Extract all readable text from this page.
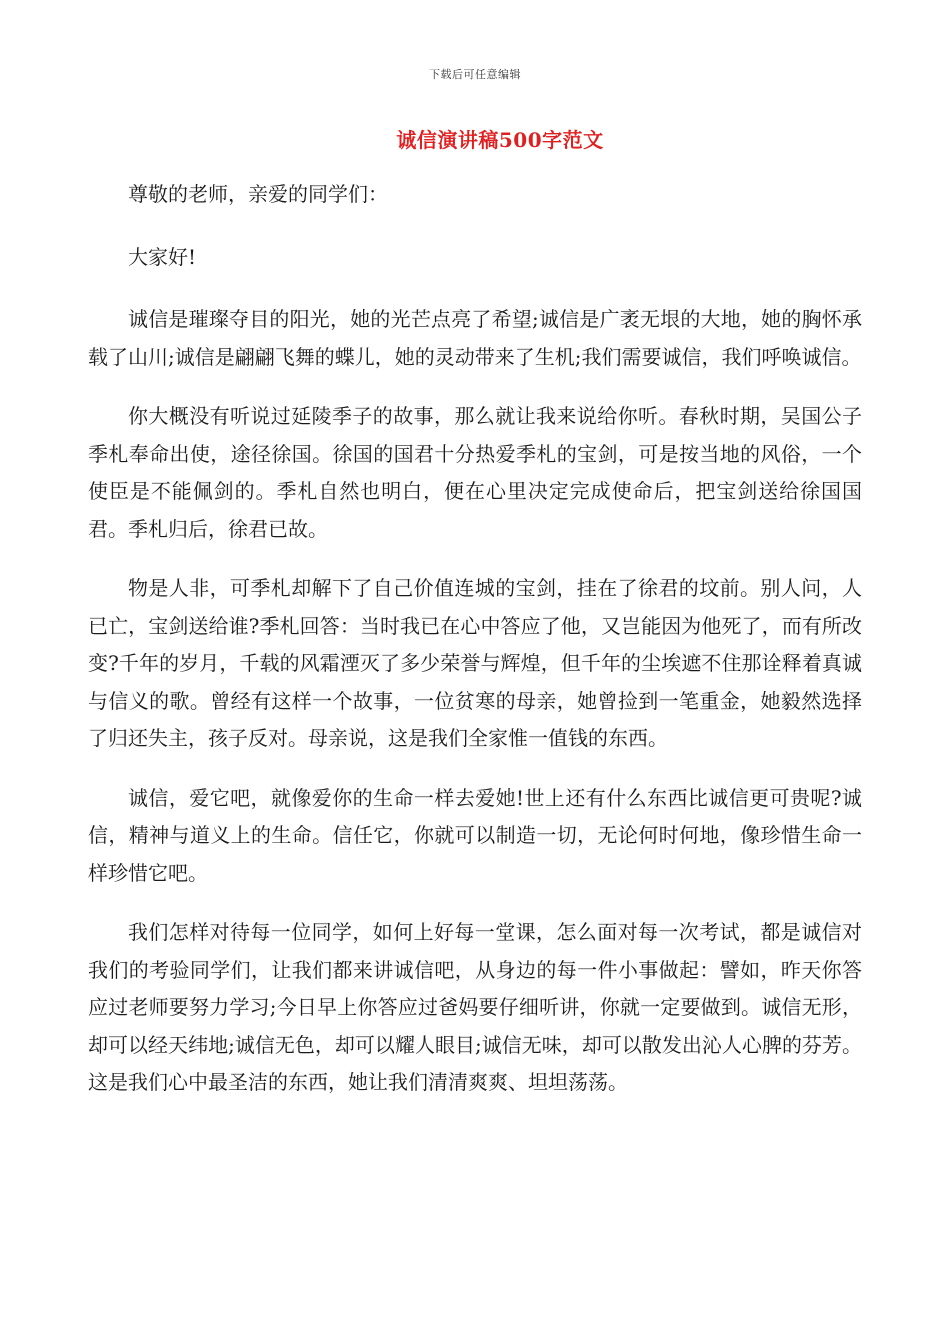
下载后可任意编辑
诚信演讲稿500字范文

尊敬的老师，亲爱的同学们：

大家好!

诚信是璀璨夺目的阳光，她的光芒点亮了希望;诚信是广袤无垠的大地，她的胸怀承载了山川;诚信是翩翩飞舞的蝶儿，她的灵动带来了生机;我们需要诚信，我们呼唤诚信。

你大概没有听说过延陵季子的故事，那么就让我来说给你听。春秋时期，吴国公子季札奉命出使，途径徐国。徐国的国君十分热爱季札的宝剑，可是按当地的风俗，一个使臣是不能佩剑的。季札自然也明白，便在心里决定完成使命后，把宝剑送给徐国国君。季札归后，徐君已故。

物是人非，可季札却解下了自己价值连城的宝剑，挂在了徐君的坟前。别人问，人已亡，宝剑送给谁?季札回答：当时我已在心中答应了他，又岂能因为他死了，而有所改变?千年的岁月，千载的风霜湮灭了多少荣誉与辉煌，但千年的尘埃遮不住那诠释着真诚与信义的歌。曾经有这样一个故事，一位贫寒的母亲，她曾捡到一笔重金，她毅然选择了归还失主，孩子反对。母亲说，这是我们全家惟一值钱的东西。

诚信，爱它吧，就像爱你的生命一样去爱她!世上还有什么东西比诚信更可贵呢?诚信，精神与道义上的生命。信任它，你就可以制造一切，无论何时何地，像珍惜生命一样珍惜它吧。

我们怎样对待每一位同学，如何上好每一堂课，怎么面对每一次考试，都是诚信对我们的考验同学们，让我们都来讲诚信吧，从身边的每一件小事做起：譬如，昨天你答应过老师要努力学习;今日早上你答应过爸妈要仔细听讲，你就一定要做到。诚信无形，却可以经天纬地;诚信无色，却可以耀人眼目;诚信无味，却可以散发出沁人心脾的芬芳。这是我们心中最圣洁的东西，她让我们清清爽爽、坦坦荡荡。
